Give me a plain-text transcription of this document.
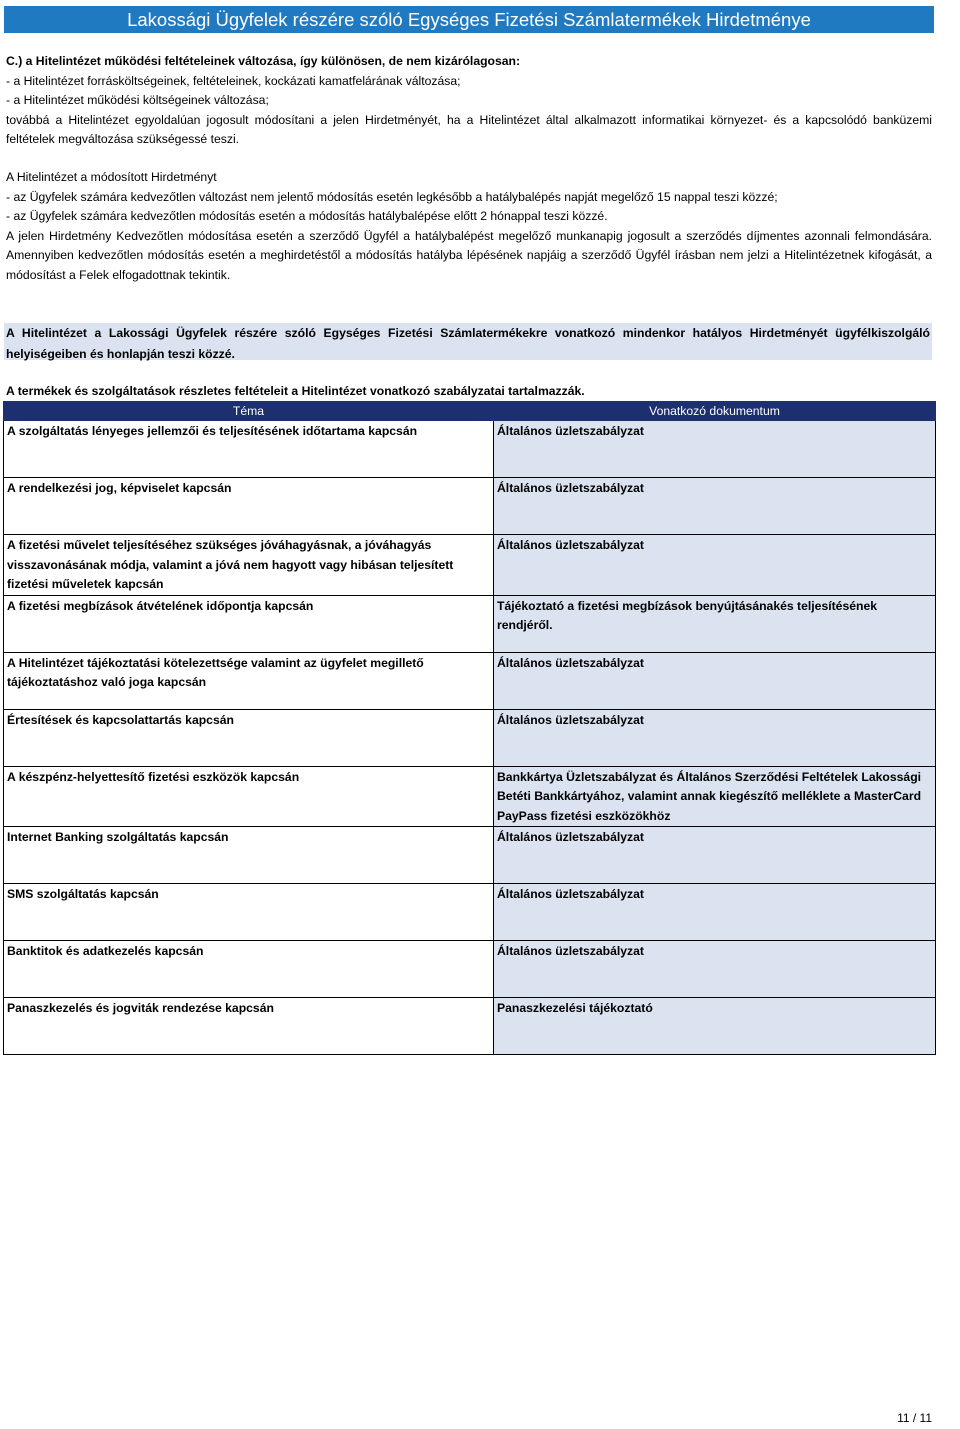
Lakossági Ügyfelek részére szóló Egységes Fizetési Számlatermékek Hirdetménye
C.) a Hitelintézet működési feltételeinek változása, így különösen, de nem kizárólagosan:
- a Hitelintézet forrásköltségeinek, feltételeinek, kockázati kamatfelárának változása;
- a Hitelintézet működési költségeinek változása;
továbbá a Hitelintézet egyoldalúan jogosult módosítani a jelen Hirdetményét, ha a Hitelintézet által alkalmazott informatikai környezet- és a kapcsolódó banküzemi feltételek megváltozása szükségessé teszi.
A Hitelintézet a módosított Hirdetményt
- az Ügyfelek számára kedvezőtlen változást nem jelentő módosítás esetén legkésőbb a hatálybalépés napját megelőző 15 nappal teszi közzé;
- az Ügyfelek számára kedvezőtlen módosítás esetén a módosítás hatálybalépése előtt 2 hónappal teszi közzé.
A jelen Hirdetmény Kedvezőtlen módosítása esetén a szerződő Ügyfél a hatálybalépést megelőző munkanapig jogosult a szerződés díjmentes azonnali felmondására. Amennyiben kedvezőtlen módosítás esetén a meghirdetéstől a módosítás hatályba lépésének napjáig a szerződő Ügyfél írásban nem jelzi a Hitelintézetnek kifogását, a módosítást a Felek elfogadottnak tekintik.
A Hitelintézet a Lakossági Ügyfelek részére szóló Egységes Fizetési Számlatermékekre vonatkozó mindenkor hatályos Hirdetményét ügyfélkiszolgáló
helyiségeiben és honlapján teszi közzé.
A termékek és szolgáltatások részletes feltételeit a Hitelintézet vonatkozó szabályzatai tartalmazzák.
Téma	Vonatkozó dokumentum
A szolgáltatás lényeges jellemzői és teljesítésének időtartama kapcsán	Általános üzletszabályzat
A rendelkezési jog, képviselet kapcsán	Általános üzletszabályzat
A fizetési művelet teljesítéséhez szükséges jóváhagyásnak, a jóváhagyás visszavonásának módja, valamint a jóvá nem hagyott vagy hibásan teljesített fizetési műveletek kapcsán	Általános üzletszabályzat
A fizetési megbízások átvételének időpontja kapcsán	Tájékoztató a fizetési megbízások benyújtásánakés teljesítésének rendjéről.
A Hitelintézet tájékoztatási kötelezettsége valamint az ügyfelet megillető tájékoztatáshoz való joga kapcsán	Általános üzletszabályzat
Értesítések és kapcsolattartás kapcsán	Általános üzletszabályzat
A készpénz-helyettesítő fizetési eszközök kapcsán	Bankkártya Üzletszabályzat és Általános Szerződési Feltételek Lakossági Betéti Bankkártyához, valamint annak kiegészítő melléklete a MasterCard PayPass fizetési eszközökhöz
Internet Banking szolgáltatás kapcsán	Általános üzletszabályzat
SMS szolgáltatás kapcsán	Általános üzletszabályzat
Banktitok és adatkezelés kapcsán	Általános üzletszabályzat
Panaszkezelés és jogviták rendezése kapcsán	Panaszkezelési tájékoztató
11 / 11
